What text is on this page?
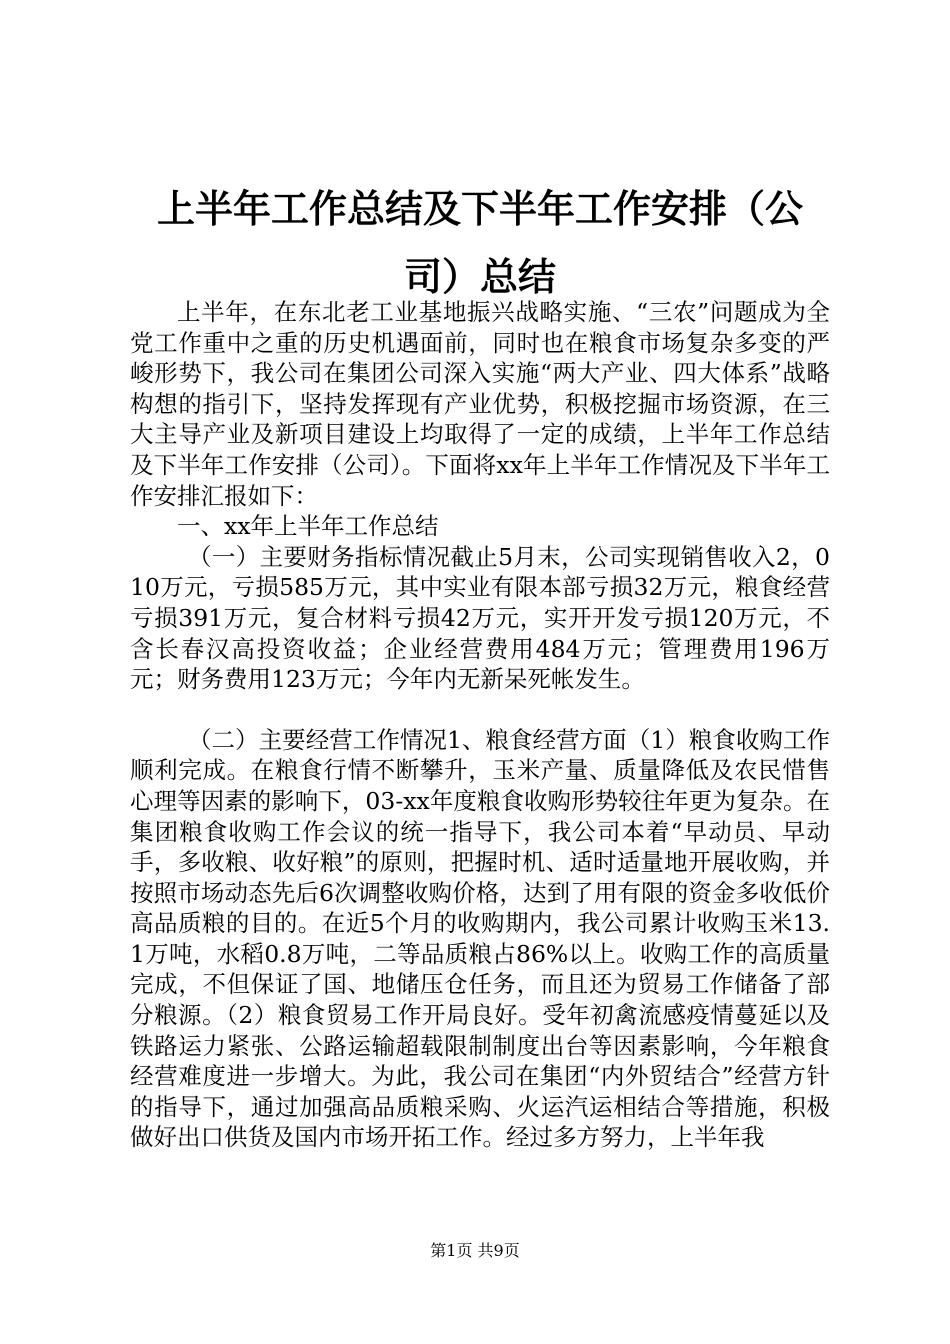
上半年工作总结及下半年工作安排（公司）总结

上半年，在东北老工业基地振兴战略实施、“三农”问题成为全党工作重中之重的历史机遇面前，同时也在粮食市场复杂多变的严峻形势下，我公司在集团公司深入实施“两大产业、四大体系”战略构想的指引下，坚持发挥现有产业优势，积极挖掘市场资源，在三大主导产业及新项目建设上均取得了一定的成绩，上半年工作总结及下半年工作安排（公司）。下面将xx年上半年工作情况及下半年工作安排汇报如下：

一、xx年上半年工作总结

（一）主要财务指标情况截止5月末，公司实现销售收入2，010万元，亏损585万元，其中实业有限本部亏损32万元，粮食经营亏损391万元，复合材料亏损42万元，实开开发亏损120万元，不含长春汉高投资收益；企业经营费用484万元；管理费用196万元；财务费用123万元；今年内无新呆死帐发生。

（二）主要经营工作情况1、粮食经营方面（1）粮食收购工作顺利完成。在粮食行情不断攀升，玉米产量、质量降低及农民惜售心理等因素的影响下，03-xx年度粮食收购形势较往年更为复杂。在集团粮食收购工作会议的统一指导下，我公司本着“早动员、早动手，多收粮、收好粮”的原则，把握时机、适时适量地开展收购，并按照市场动态先后6次调整收购价格，达到了用有限的资金多收低价高品质粮的目的。在近5个月的收购期内，我公司累计收购玉米13.1万吨，水稻0.8万吨，二等品质粮占86%以上。收购工作的高质量完成，不但保证了国、地储压仓任务，而且还为贸易工作储备了部分粮源。（2）粮食贸易工作开局良好。受年初禽流感疫情蔓延以及铁路运力紧张、公路运输超载限制制度出台等因素影响，今年粮食经营难度进一步增大。为此，我公司在集团“内外贸结合”经营方针的指导下，通过加强高品质粮采购、火运汽运相结合等措施，积极做好出口供货及国内市场开拓工作。经过多方努力，上半年我

第1页 共9页
